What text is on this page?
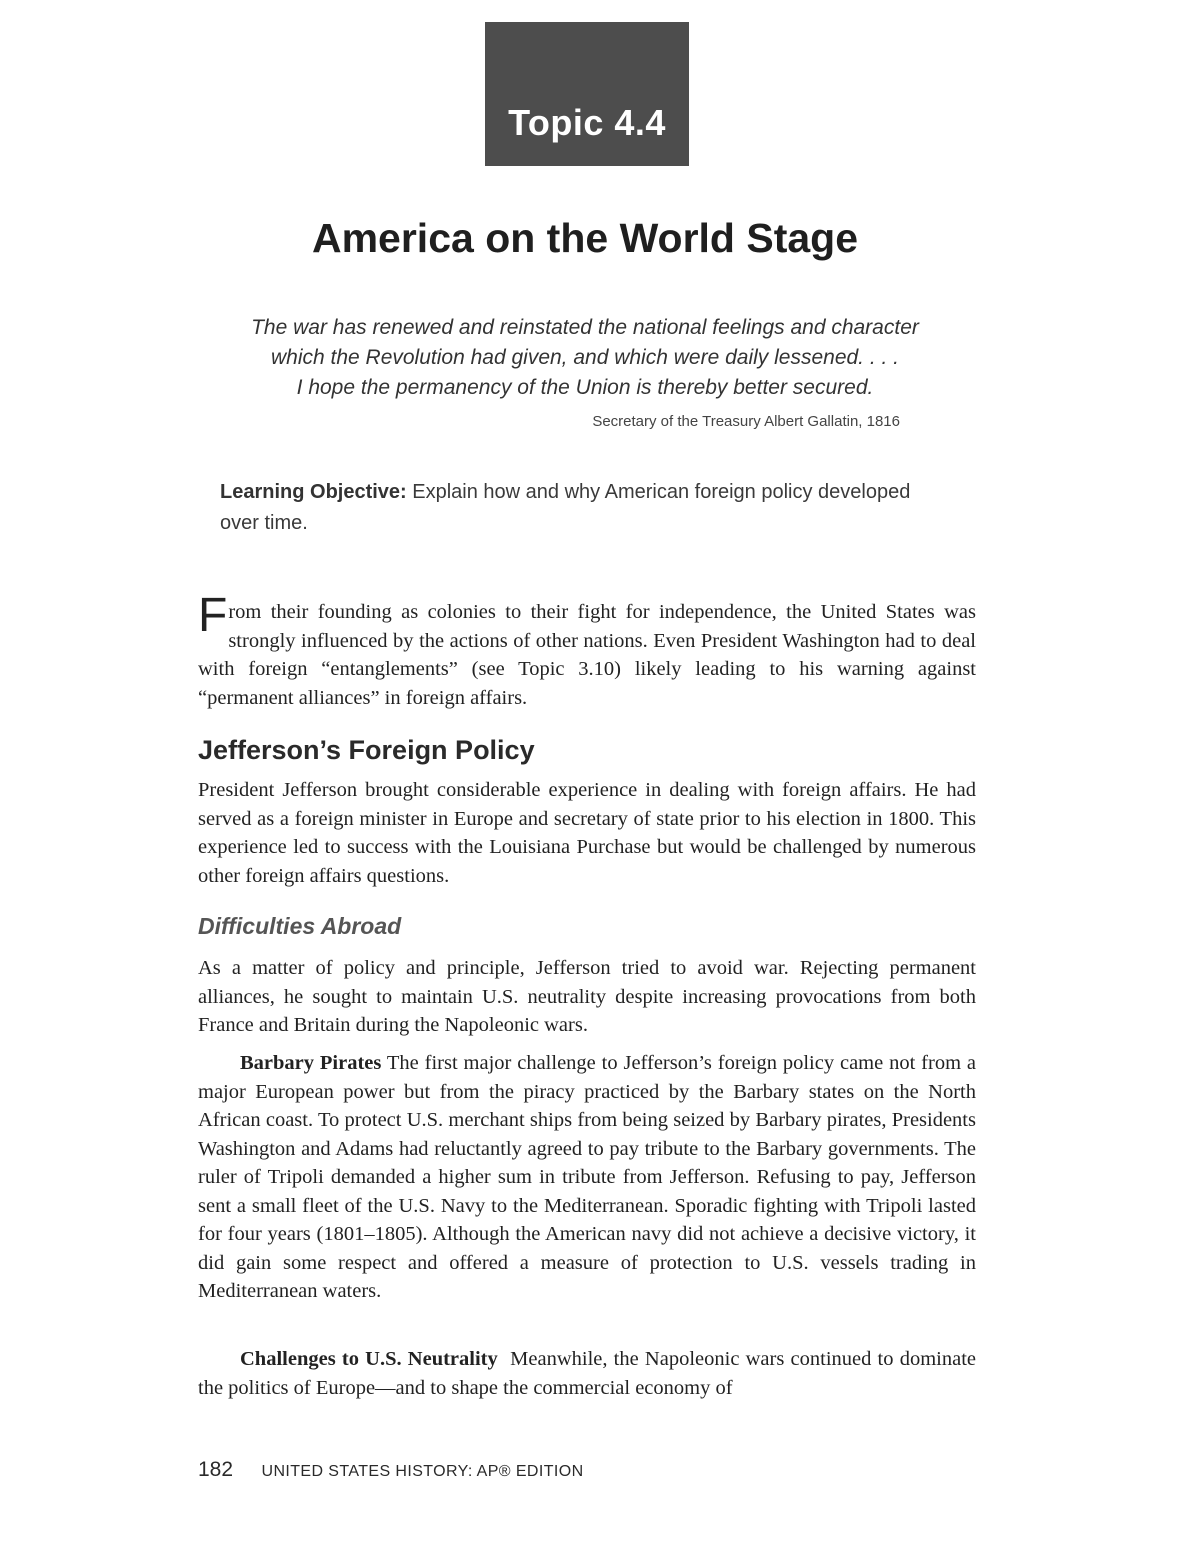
Topic 4.4
America on the World Stage
The war has renewed and reinstated the national feelings and character
which the Revolution had given, and which were daily lessened. . . .
I hope the permanency of the Union is thereby better secured.
Secretary of the Treasury Albert Gallatin, 1816
Learning Objective: Explain how and why American foreign policy developed over time.
From their founding as colonies to their fight for independence, the United States was strongly influenced by the actions of other nations. Even President Washington had to deal with foreign “entanglements” (see Topic 3.10) likely leading to his warning against “permanent alliances” in foreign affairs.
Jefferson’s Foreign Policy

President Jefferson brought considerable experience in dealing with foreign affairs. He had served as a foreign minister in Europe and secretary of state prior to his election in 1800. This experience led to success with the Louisiana Purchase but would be challenged by numerous other foreign affairs questions.

Difficulties Abroad

As a matter of policy and principle, Jefferson tried to avoid war. Rejecting permanent alliances, he sought to maintain U.S. neutrality despite increasing provocations from both France and Britain during the Napoleonic wars.

Barbary Pirates The first major challenge to Jefferson’s foreign policy came not from a major European power but from the piracy practiced by the Barbary states on the North African coast. To protect U.S. merchant ships from being seized by Barbary pirates, Presidents Washington and Adams had reluctantly agreed to pay tribute to the Barbary governments. The ruler of Tripoli demanded a higher sum in tribute from Jefferson. Refusing to pay, Jefferson sent a small fleet of the U.S. Navy to the Mediterranean. Sporadic fighting with Tripoli lasted for four years (1801–1805). Although the American navy did not achieve a decisive victory, it did gain some respect and offered a measure of protection to U.S. vessels trading in Mediterranean waters.

Challenges to U.S. Neutrality  Meanwhile, the Napoleonic wars continued to dominate the politics of Europe—and to shape the commercial economy of

182 UNITED STATES HISTORY: AP® EDITION
